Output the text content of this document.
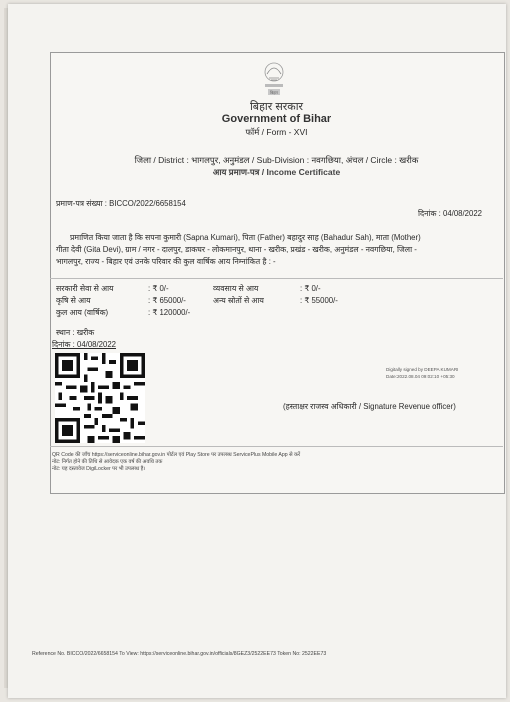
बिहार
बिहार सरकार
Government of Bihar
फॉर्म / Form - XVI
जिला / District : भागलपुर, अनुमंडल / Sub-Division : नवगछिया, अंचल / Circle : खरीक
आय प्रमाण-पत्र / Income Certificate
प्रमाण-पत्र संख्या : BICCO/2022/6658154
दिनांक : 04/08/2022
प्रमाणित किया जाता है कि सपना कुमारी (Sapna Kumari), पिता (Father) बहादुर साह (Bahadur Sah), माता (Mother)
गीता देवी (Gita Devi), ग्राम / नगर - दालपुर, डाकघर - लोकमानपुर, थाना - खरीक, प्रखंड - खरीक, अनुमंडल - नवगछिया, जिला -
भागलपुर, राज्य - बिहार एवं उनके परिवार की कुल वार्षिक आय निम्नांकित है : -
सरकारी सेवा से आय	: ₹ 0/-	व्यवसाय से आय	: ₹ 0/-
कृषि से आय	: ₹ 65000/-	अन्य स्रोतों से आय	: ₹ 55000/-
कुल आय (वार्षिक)	: ₹ 120000/-
स्थान : खरीक
दिनांक : 04/08/2022
Digitally signed by DEEPA KUMARI
Date:2022.08.04 09:02:10 +05:30
(हस्ताक्षर राजस्व अधिकारी / Signature Revenue officer)
QR Code की जाँच https://serviceonline.bihar.gov.in पोर्टल एवं Play Store पर उपलब्ध ServicePlus Mobile App से करें
नोट: निर्गत होने की तिथि से आवेदक एक वर्ष की अवधि तक
नोट: यह दस्तावेज DigiLocker पर भी उपलब्ध है।
Reference No. BICCO/2022/6658154 To View: https://serviceonline.bihar.gov.in/officials/8GEZ3/2522EE73 Token No: 2522EE73
